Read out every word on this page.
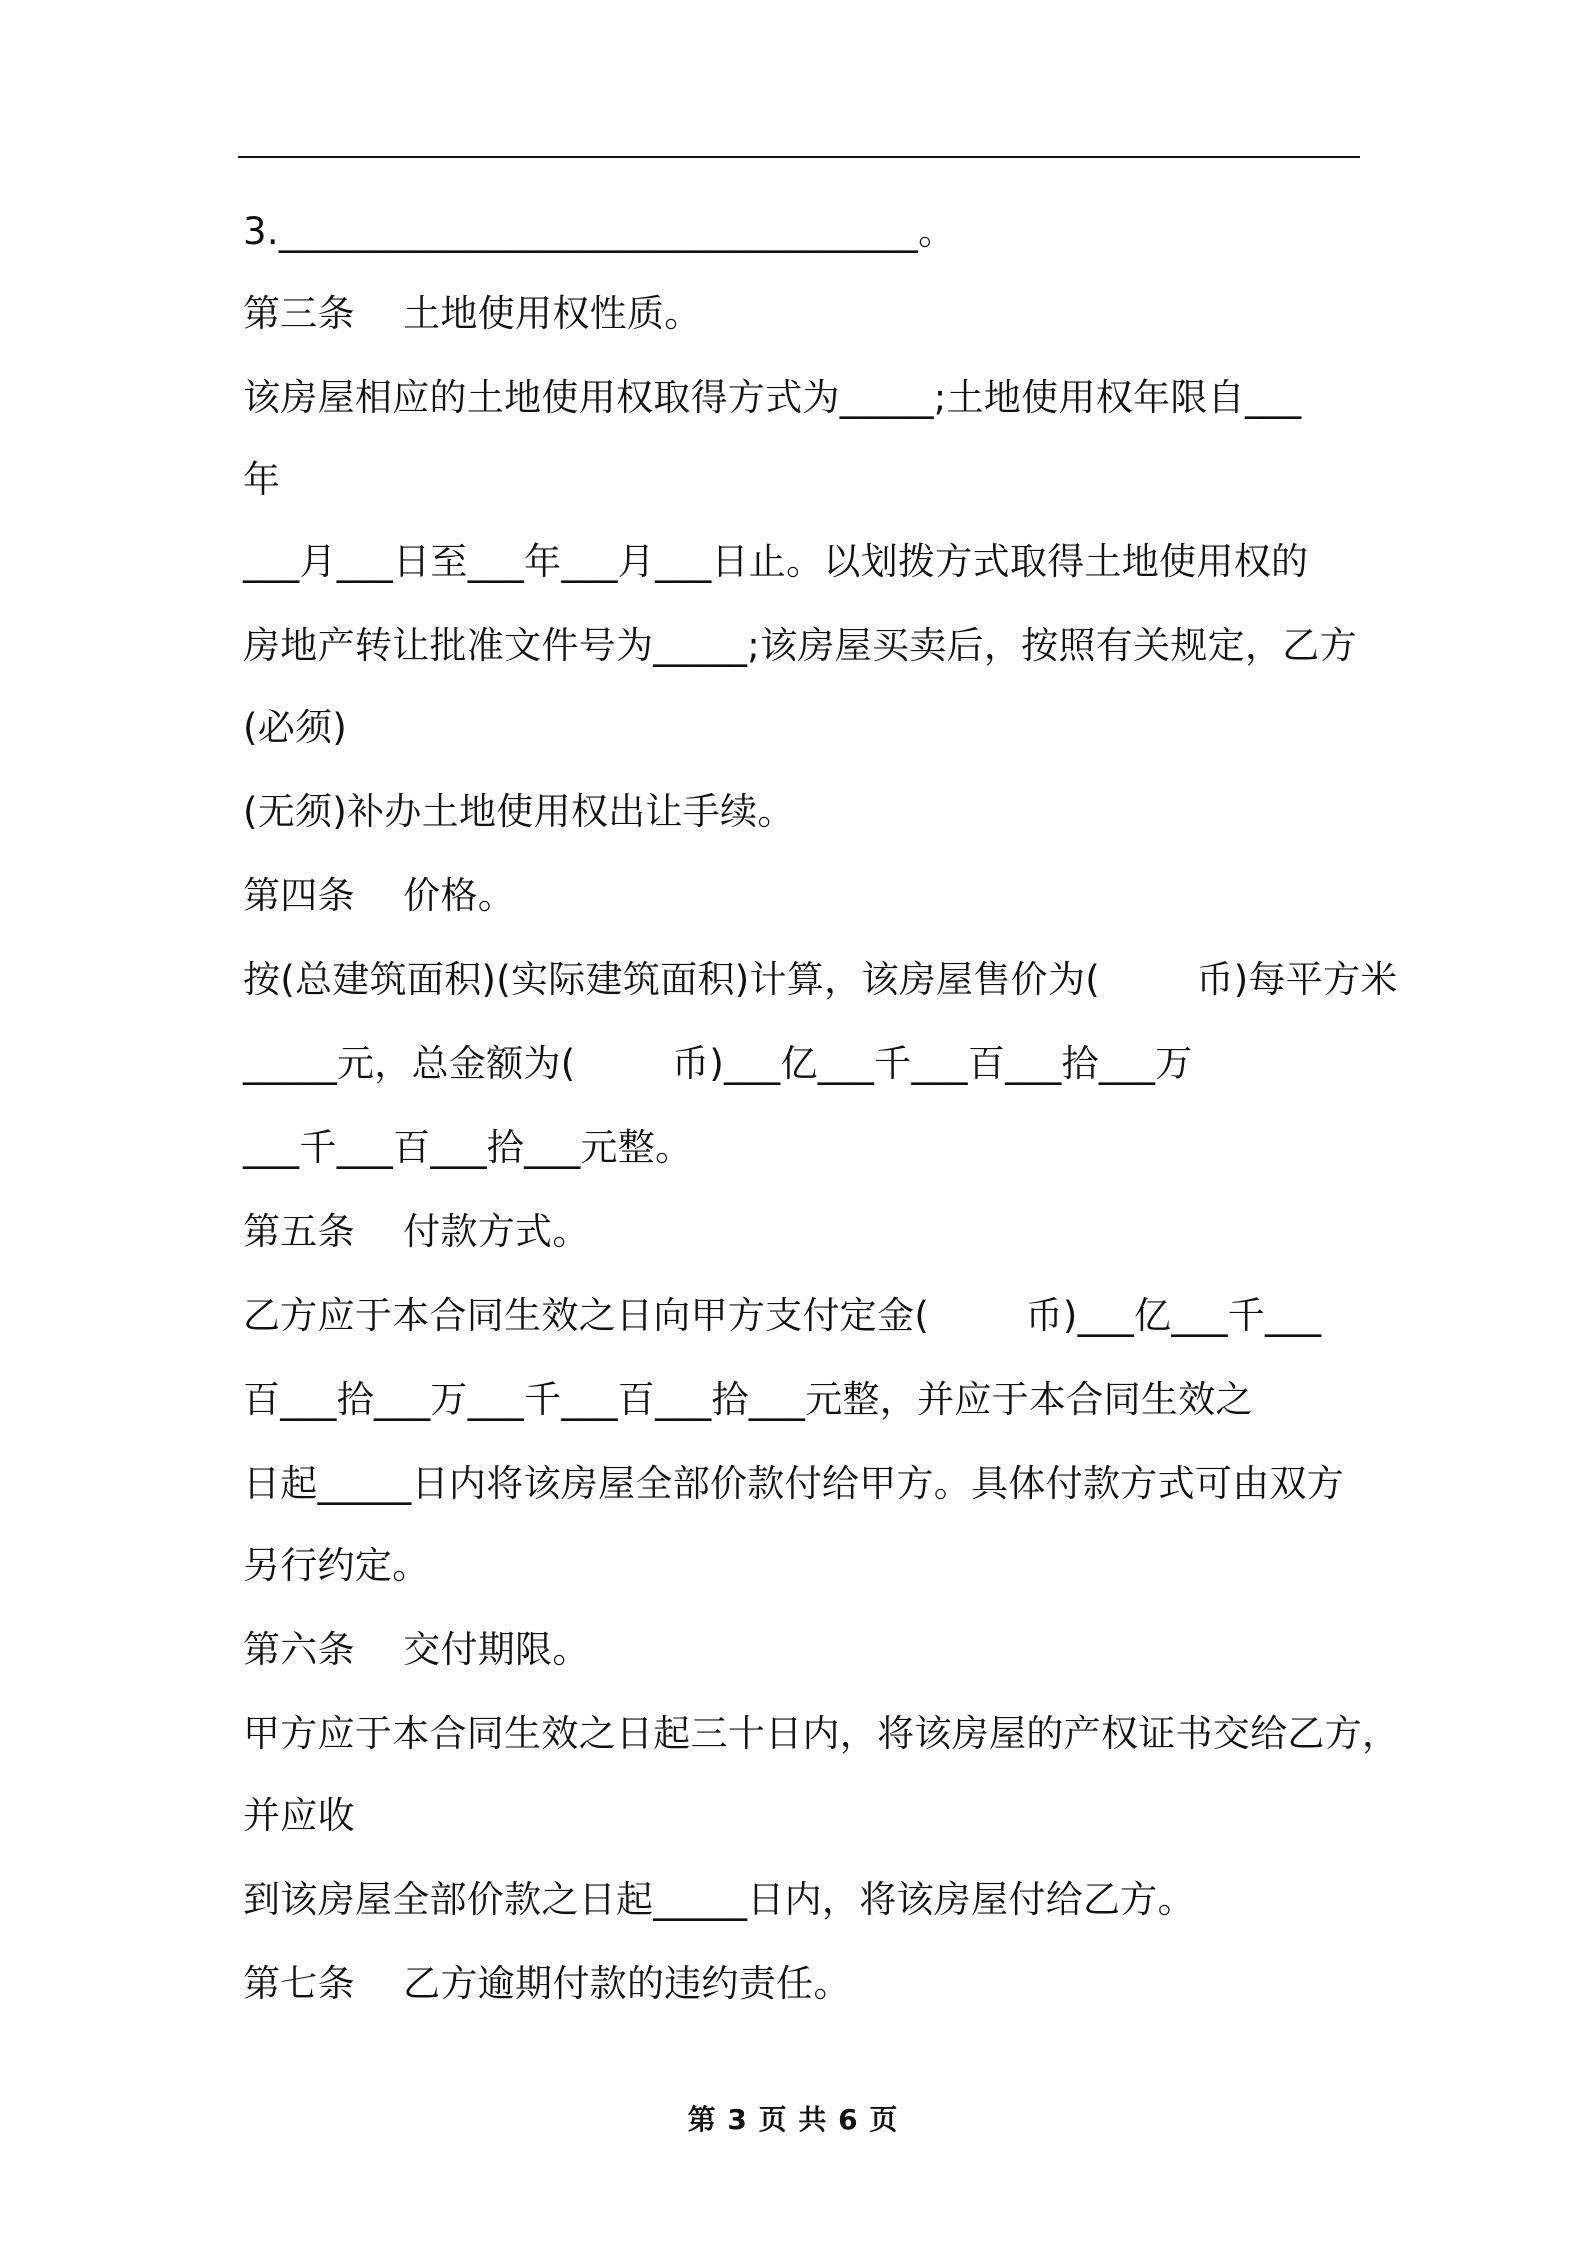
3.__________________________________。
第三条    土地使用权性质。
该房屋相应的土地使用权取得方式为_____;土地使用权年限自___
年
___月___日至___年___月___日止。以划拨方式取得土地使用权的
房地产转让批准文件号为_____;该房屋买卖后，按照有关规定，乙方
(必须)
(无须)补办土地使用权出让手续。
第四条    价格。
按(总建筑面积)(实际建筑面积)计算，该房屋售价为(        币)每平方米
_____元，总金额为(        币)___亿___千___百___拾___万
___千___百___拾___元整。
第五条    付款方式。
乙方应于本合同生效之日向甲方支付定金(        币)___亿___千___
百___拾___万___千___百___拾___元整，并应于本合同生效之
日起_____日内将该房屋全部价款付给甲方。具体付款方式可由双方
另行约定。
第六条    交付期限。
甲方应于本合同生效之日起三十日内，将该房屋的产权证书交给乙方，
并应收
到该房屋全部价款之日起_____日内，将该房屋付给乙方。
第七条    乙方逾期付款的违约责任。
第 3 页 共 6 页
